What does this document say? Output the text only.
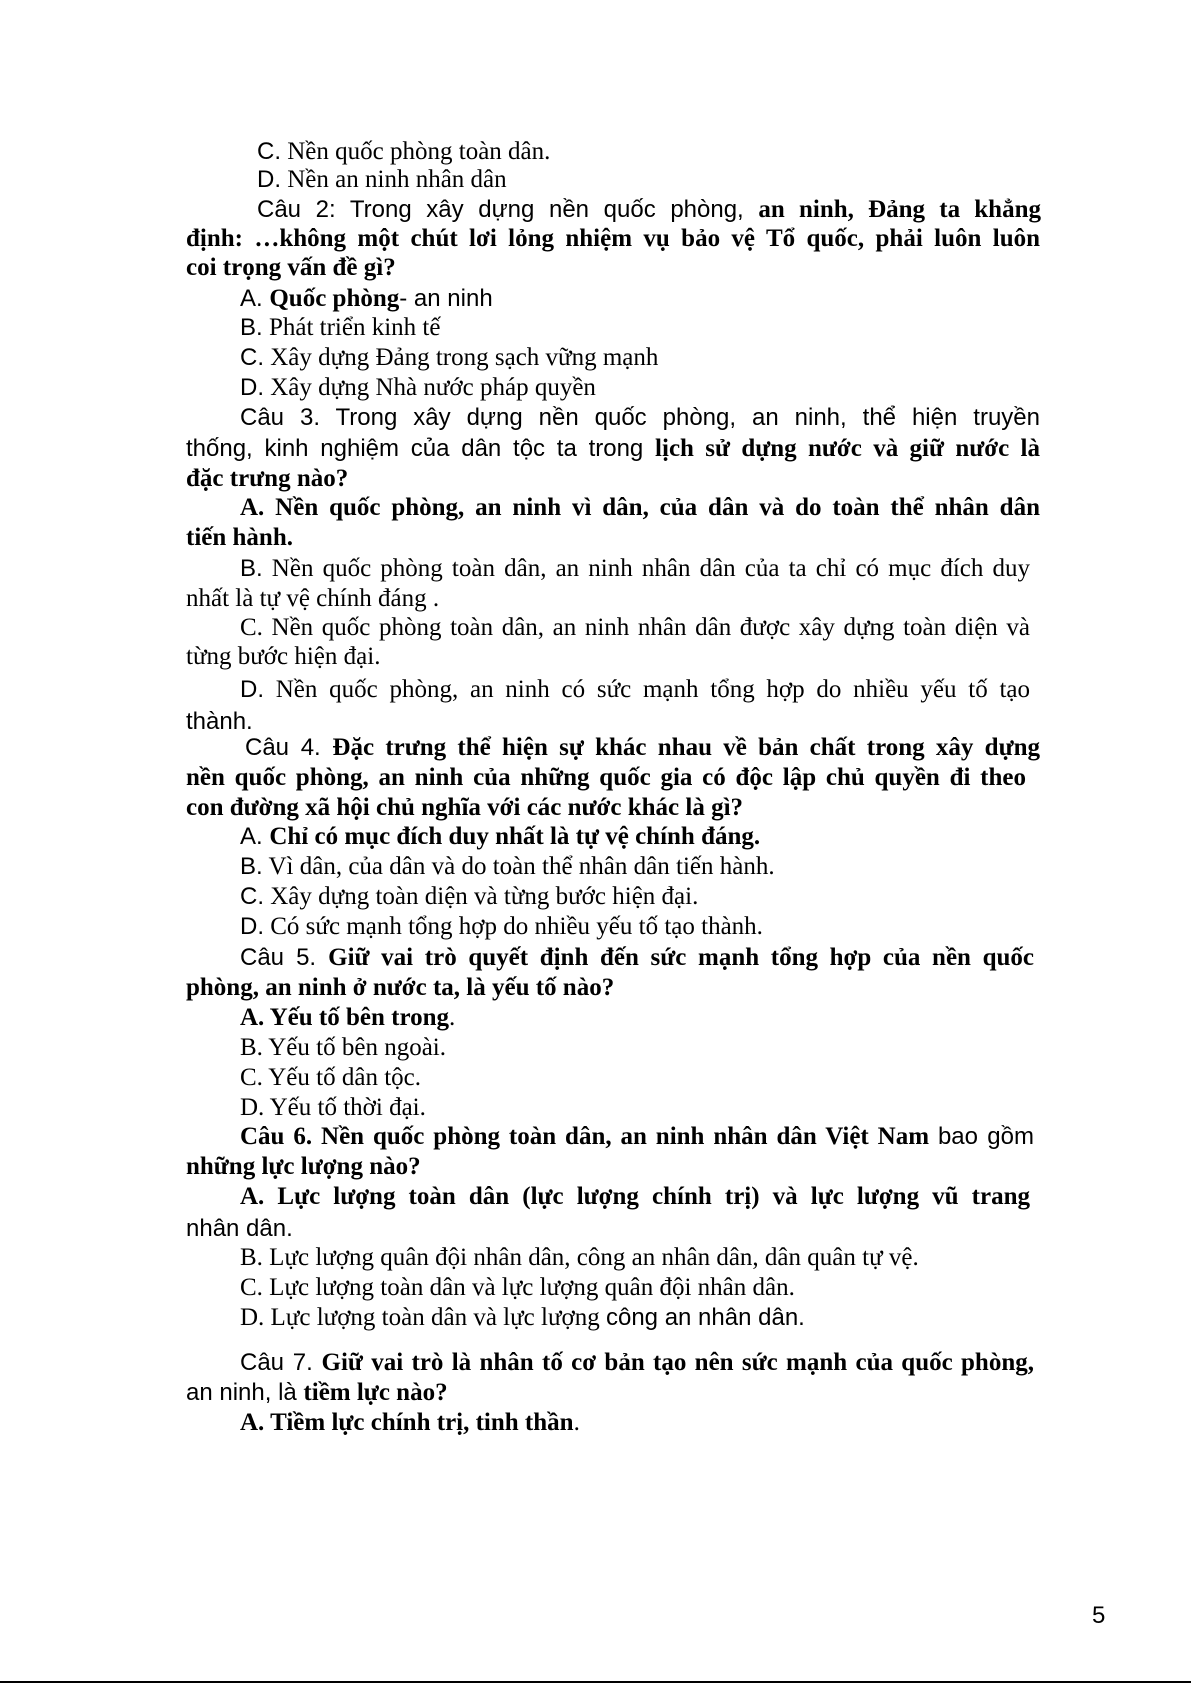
C. Nền quốc phòng toàn dân.
D. Nền an ninh nhân dân
Câu 2: Trong xây dựng nền quốc phòng, an ninh, Đảng ta khẳng
định: …không một chút lơi lỏng nhiệm vụ bảo vệ Tổ quốc, phải luôn luôn
coi trọng vấn đề gì?
A. Quốc phòng- an ninh
B. Phát triển kinh tế
C. Xây dựng Đảng trong sạch vững mạnh
D. Xây dựng Nhà nước pháp quyền
Câu 3. Trong xây dựng nền quốc phòng, an ninh, thể hiện truyền
thống, kinh nghiệm của dân tộc ta trong lịch sử dựng nước và giữ nước là
đặc trưng nào?
A. Nền quốc phòng, an ninh vì dân, của dân và do toàn thể nhân dân
tiến hành.
B. Nền quốc phòng toàn dân, an ninh nhân dân của ta chỉ có mục đích duy
nhất là tự vệ chính đáng .
C. Nền quốc phòng toàn dân, an ninh nhân dân được xây dựng toàn diện và
từng bước hiện đại.
D. Nền quốc phòng, an ninh có sức mạnh tổng hợp do nhiều yếu tố tạo
thành.
Câu 4. Đặc trưng thể hiện sự khác nhau về bản chất trong xây dựng
nền quốc phòng, an ninh của những quốc gia có độc lập chủ quyền đi theo
con đường xã hội chủ nghĩa với các nước khác là gì?
A. Chỉ có mục đích duy nhất là tự vệ chính đáng.
B. Vì dân, của dân và do toàn thể nhân dân tiến hành.
C. Xây dựng toàn diện và từng bước hiện đại.
D. Có sức mạnh tổng hợp do nhiều yếu tố tạo thành.
Câu 5. Giữ vai trò quyết định đến sức mạnh tổng hợp của nền quốc
phòng, an ninh ở nước ta, là yếu tố nào?
A. Yếu tố bên trong.
B. Yếu tố bên ngoài.
C. Yếu tố dân tộc.
D. Yếu tố thời đại.
Câu 6. Nền quốc phòng toàn dân, an ninh nhân dân Việt Nam bao gồm
những lực lượng nào?
A. Lực lượng toàn dân (lực lượng chính trị) và lực lượng vũ trang
nhân dân.
B. Lực lượng quân đội nhân dân, công an nhân dân, dân quân tự vệ.
C. Lực lượng toàn dân và lực lượng quân đội nhân dân.
D. Lực lượng toàn dân và lực lượng công an nhân dân.
Câu 7. Giữ vai trò là nhân tố cơ bản tạo nên sức mạnh của quốc phòng,
an ninh, là tiềm lực nào?
A. Tiềm lực chính trị, tinh thần.
5
